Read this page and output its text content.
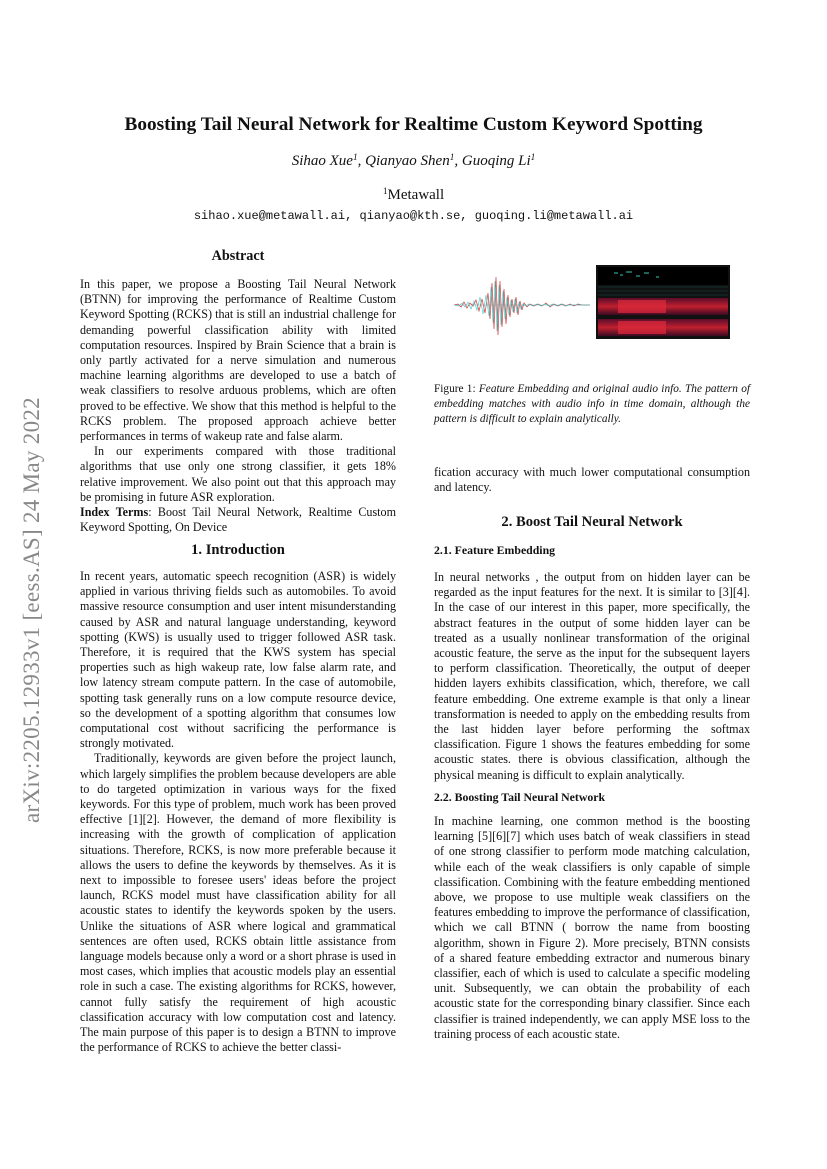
arXiv:2205.12933v1 [eess.AS] 24 May 2022
Boosting Tail Neural Network for Realtime Custom Keyword Spotting
Sihao Xue$^1$, Qianyao Shen$^1$, Guoqing Li$^1$
$^1$Metawall
sihao.xue@metawall.ai, qianyao@kth.se, guoqing.li@metawall.ai
Abstract

In this paper, we propose a Boosting Tail Neural Network (BTNN) for improving the performance of Realtime Custom Keyword Spotting (RCKS) that is still an industrial challenge for demanding powerful classification ability with limited computation resources. Inspired by Brain Science that a brain is only partly activated for a nerve simulation and numerous machine learning algorithms are developed to use a batch of weak classifiers to resolve arduous problems, which are often proved to be effective. We show that this method is helpful to the RCKS problem. The proposed approach achieve better performances in terms of wakeup rate and false alarm.

In our experiments compared with those traditional algorithms that use only one strong classifier, it gets 18% relative improvement. We also point out that this approach may be promising in future ASR exploration.

Index Terms: Boost Tail Neural Network, Realtime Custom Keyword Spotting, On Device

1. Introduction

In recent years, automatic speech recognition (ASR) is widely applied in various thriving fields such as automobiles. To avoid massive resource consumption and user intent misunderstanding caused by ASR and natural language understanding, keyword spotting (KWS) is usually used to trigger followed ASR task. Therefore, it is required that the KWS system has special properties such as high wakeup rate, low false alarm rate, and low latency stream compute pattern. In the case of automobile, spotting task generally runs on a low compute resource device, so the development of a spotting algorithm that consumes low computational cost without sacrificing the performance is strongly motivated.

Traditionally, keywords are given before the project launch, which largely simplifies the problem because developers are able to do targeted optimization in various ways for the fixed keywords. For this type of problem, much work has been proved effective [1][2]. However, the demand of more flexibility is increasing with the growth of complication of application situations. Therefore, RCKS, is now more preferable because it allows the users to define the keywords by themselves. As it is next to impossible to foresee users' ideas before the project launch, RCKS model must have classification ability for all acoustic states to identify the keywords spoken by the users. Unlike the situations of ASR where logical and grammatical sentences are often used, RCKS obtain little assistance from language models because only a word or a short phrase is used in most cases, which implies that acoustic models play an essential role in such a case. The existing algorithms for RCKS, however, cannot fully satisfy the requirement of high acoustic classification accuracy with low computation cost and latency. The main purpose of this paper is to design a BTNN to improve the performance of RCKS to achieve the better classi-

Figure 1: Feature Embedding and original audio info. The pattern of embedding matches with audio info in time domain, although the pattern is difficult to explain analytically.

fication accuracy with much lower computational consumption and latency.

2. Boost Tail Neural Network
2.1. Feature Embedding

In neural networks , the output from on hidden layer can be regarded as the input features for the next. It is similar to [3][4]. In the case of our interest in this paper, more specifically, the abstract features in the output of some hidden layer can be treated as a usually nonlinear transformation of the original acoustic feature, the serve as the input for the subsequent layers to perform classification. Theoretically, the output of deeper hidden layers exhibits classification, which, therefore, we call feature embedding. One extreme example is that only a linear transformation is needed to apply on the embedding results from the last hidden layer before performing the softmax classification. Figure 1 shows the features embedding for some acoustic states. there is obvious classification, although the physical meaning is difficult to explain analytically.

2.2. Boosting Tail Neural Network

In machine learning, one common method is the boosting learning [5][6][7] which uses batch of weak classifiers in stead of one strong classifier to perform mode matching calculation, while each of the weak classifiers is only capable of simple classification. Combining with the feature embedding mentioned above, we propose to use multiple weak classifiers on the features embedding to improve the performance of classification, which we call BTNN ( borrow the name from boosting algorithm, shown in Figure 2). More precisely, BTNN consists of a shared feature embedding extractor and numerous binary classifier, each of which is used to calculate a specific modeling unit. Subsequently, we can obtain the probability of each acoustic state for the corresponding binary classifier. Since each classifier is trained independently, we can apply MSE loss to the training process of each acoustic state.
